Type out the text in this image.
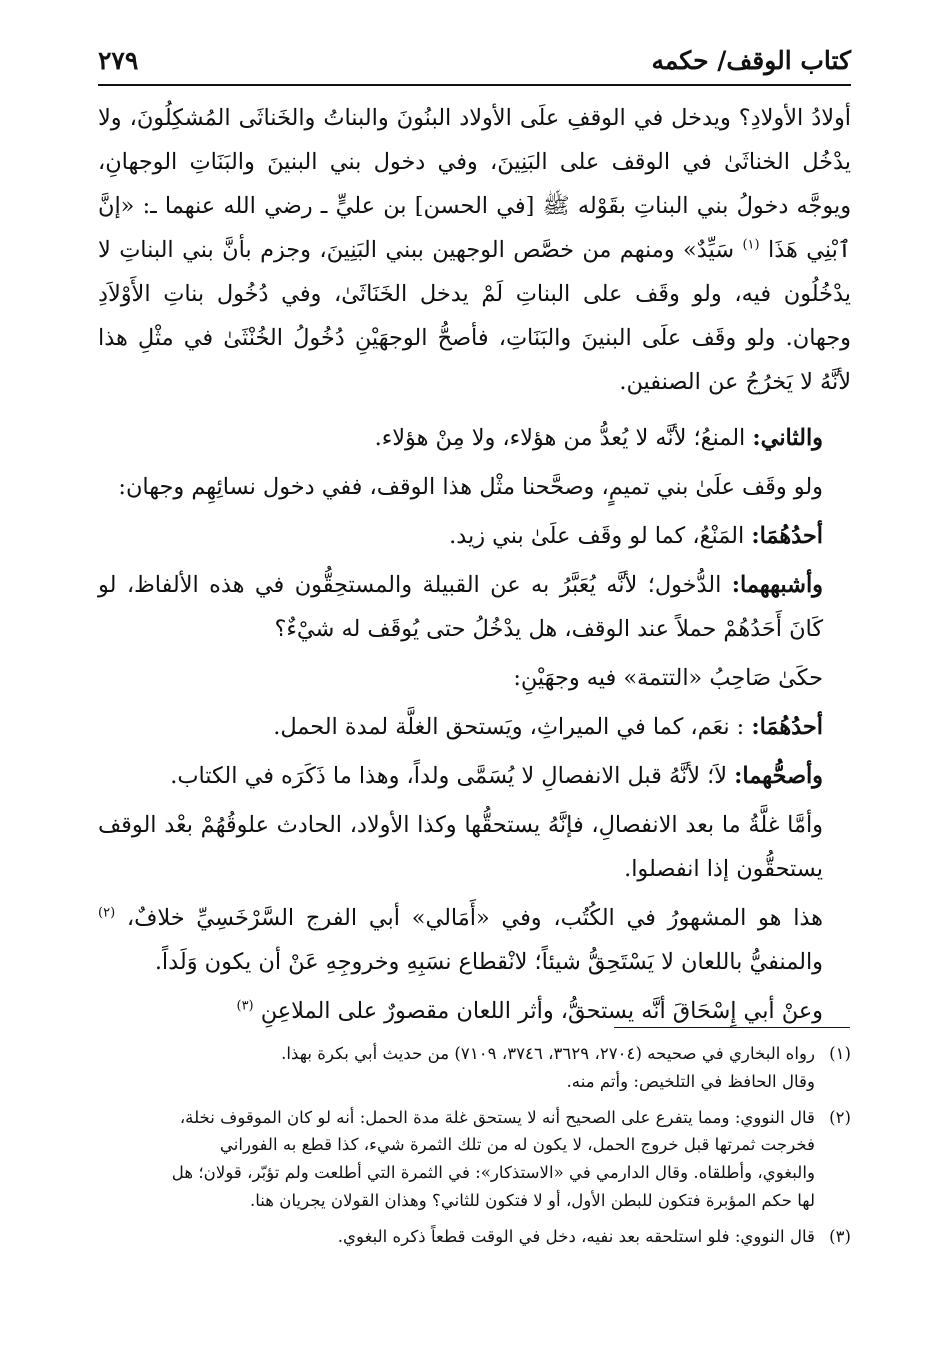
كتاب الوقف/ حكمه
٢٧٩

أولادُ الأولادِ؟ ويدخل في الوقفِ علَى الأولاد البنُونَ والبناتُ والخَناثَى المُشكِلُونَ، ولا يدْخُل الخناثَىٰ في الوقف على البَنِينَ، وفي دخول بني البنينَ والبَنَاتِ الوجهانِ، ويوجَّه دخولُ بني البناتِ بقَوْله ﷺ [في الحسن] بن عليٍّ ـ رضي الله عنهما ـ: «إنَّ ٱبْنِي هَذَا $^{(١)}$ سَيِّدٌ» ومنهم من خصَّص الوجهين ببني البَنِينَ، وجزم بأنَّ بني البناتِ لا يدْخُلُون فيه، ولو وقَف على البناتِ لَمْ يدخل الخَنَاثَىٰ، وفي دُخُول بناتِ الأَوْلاَدِ وجهان. ولو وقَف علَى البنينَ والبَنَاتِ، فأصحُّ الوجهَيْنِ دُخُولُ الخُنْثَىٰ في مثْلِ هذا لأنَّهُ لا يَخرُجُ عن الصنفين.

والثاني: المنعُ؛ لأنَّه لا يُعدُّ من هؤلاء، ولا مِنْ هؤلاء.

ولو وقَف علَىٰ بني تميمٍ، وصحَّحنا مثْل هذا الوقف، ففي دخول نسائِهِم وجهان:

أحدُهُمَا: المَنْعُ، كما لو وقَف علَىٰ بني زيد.

وأشبههما: الدُّخول؛ لأنَّه يُعَبَّرُ به عن القبيلة والمستحِقُّون في هذه الألفاظ، لو كَانَ أَحَدُهُمْ حملاً عند الوقف، هل يدْخُلُ حتى يُوقَف له شيْءٌ؟

حكَىٰ صَاحِبُ «التتمة» فيه وجهَيْنِ:

أحدُهُمَا: : نعَم، كما في الميراثِ، ويَستحق الغلَّة لمدة الحمل.

وأصحُّهما: لاَ؛ لأنَّهُ قبل الانفصالِ لا يُسَمَّى ولداً، وهذا ما ذَكَرَه في الكتاب.

وأمَّا غلَّةُ ما بعد الانفصالِ، فإنَّهُ يستحقُّها وكذا الأولاد، الحادث علوقُهُمْ بعْد الوقف يستحقُّون إذا انفصلوا.

هذا هو المشهورُ في الكُتُب، وفي «أَمَالي» أبي الفرج السَّرْخَسِيِّ خلافٌ، $^{(٢)}$ والمنفيُّ باللعان لا يَسْتَحِقُّ شيئاً؛ لانْقطاع نسَبِهِ وخروجِهِ عَنْ أن يكون وَلَداً.

وعنْ أبي إِسْحَاقَ أنَّه يستحقُّ، وأثر اللعان مقصورٌ على الملاعِنِ $^{(٣)}$

(١)
رواه البخاري في صحيحه (٢٧٠٤، ٣٦٢٩، ٣٧٤٦، ٧١٠٩) من حديث أبي بكرة بهذا.
وقال الحافظ في التلخيص: وأتم منه.
(٢)
قال النووي: ومما يتفرع على الصحيح أنه لا يستحق غلة مدة الحمل: أنه لو كان الموقوف نخلة،
فخرجت ثمرتها قبل خروج الحمل، لا يكون له من تلك الثمرة شيء، كذا قطع به الفوراني
والبغوي، وأطلقاه. وقال الدارمي في «الاستذكار»: في الثمرة التي أطلعت ولم تؤبّر، قولان؛ هل
لها حكم المؤبرة فتكون للبطن الأول، أو لا فتكون للثاني؟ وهذان القولان يجريان هنا.
(٣)
قال النووي: فلو استلحقه بعد نفيه، دخل في الوقت قطعاً ذكره البغوي.
